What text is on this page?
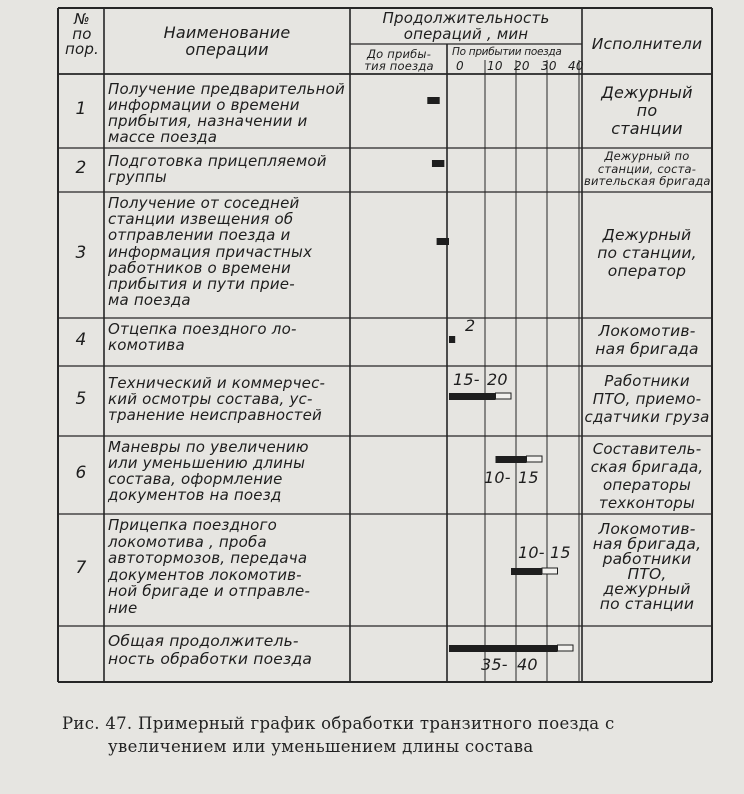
№
по
пор.
Наименование
операции
Продолжительность
операций , мин
До прибы-
тия поезда
По прибытии поезда
0 10 20 30 40
Исполнители
1
Получение предварительной
информации о времени
прибытия, назначении и
массе поезда
Дежурный
по
станции
2	Подготовка прицепляемой
группы
Дежурный по
станции, соста-
вительская бригада
3
Получение от соседней
станции извещения об
отправлении поезда и
информация причастных
работников о времени
прибытия и пути прие-
ма поезда
Дежурный
по станции,
оператор
4
Отцепка поездного ло-
комотива
Локомотив-
ная бригада
2
5
Технический и коммерчес-
кий осмотры состава, ус-
транение неисправностей
Работники
ПТО, приемо-
сдатчики груза
15- 20
6
Маневры по увеличению
или уменьшению длины
состава, оформление
документов на поезд
Составитель-
ская бригада,
операторы
техконторы
10- 15
7
Прицепка поездного
локомотива , проба
автотормозов, передача
документов локомотив-
ной бригаде и отправле-
ние
Локомотив-
ная бригада,
работники
ПТО,
дежурный
по станции
10- 15
Общая продолжитель-
ность обработки поезда	35- 40
Рис. 47. Примерный график обработки транзитного поезда с
увеличением или уменьшением длины состава
